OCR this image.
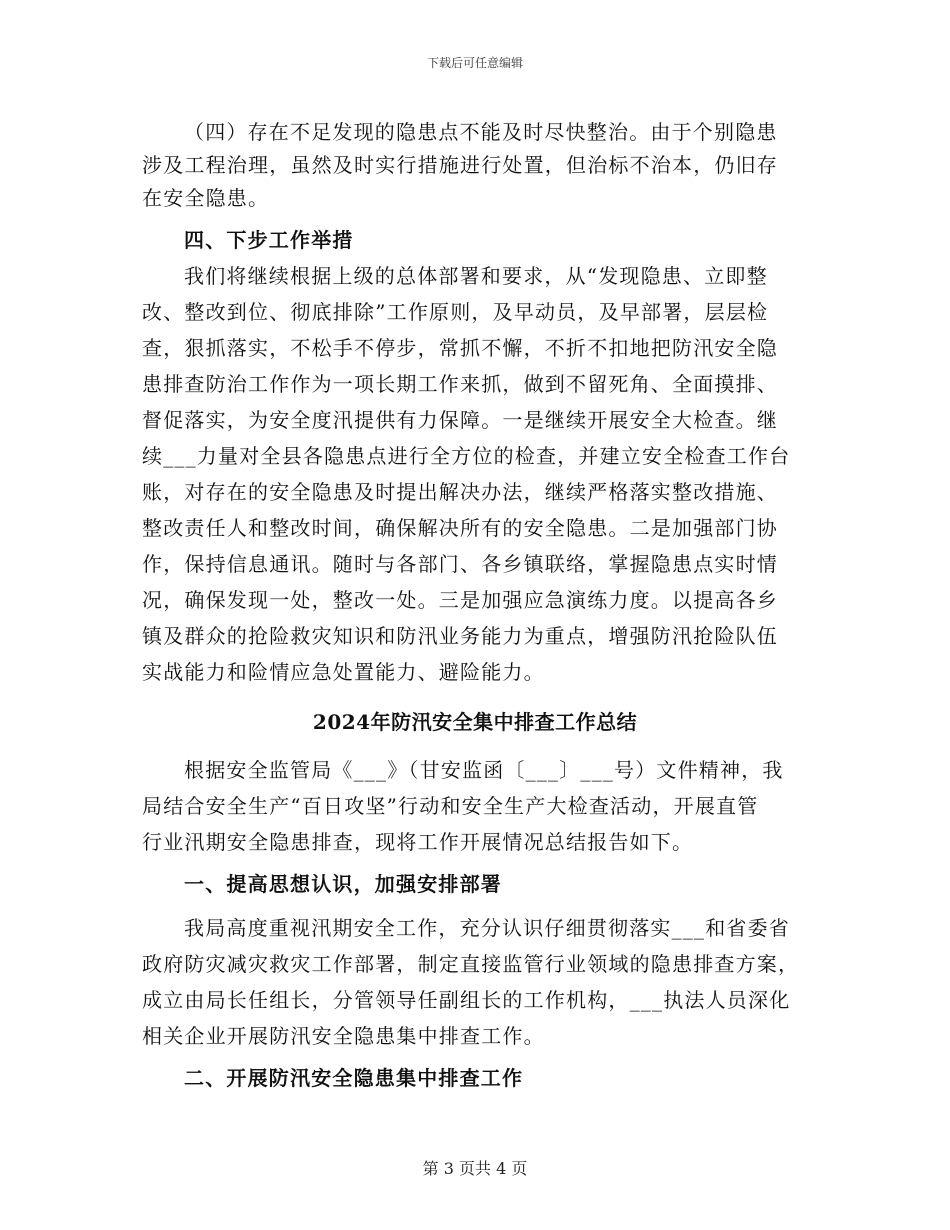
下载后可任意编辑
（四）存在不足发现的隐患点不能及时尽快整治。由于个别隐患
涉及工程治理，虽然及时实行措施进行处置，但治标不治本，仍旧存
在安全隐患。
四、下步工作举措
我们将继续根据上级的总体部署和要求，从“发现隐患、立即整
改、整改到位、彻底排除”工作原则，及早动员，及早部署，层层检
查，狠抓落实，不松手不停步，常抓不懈，不折不扣地把防汛安全隐
患排查防治工作作为一项长期工作来抓，做到不留死角、全面摸排、
督促落实，为安全度汛提供有力保障。一是继续开展安全大检查。继
续___力量对全县各隐患点进行全方位的检查，并建立安全检查工作台
账，对存在的安全隐患及时提出解决办法，继续严格落实整改措施、
整改责任人和整改时间，确保解决所有的安全隐患。二是加强部门协
作，保持信息通讯。随时与各部门、各乡镇联络，掌握隐患点实时情
况，确保发现一处，整改一处。三是加强应急演练力度。以提高各乡
镇及群众的抢险救灾知识和防汛业务能力为重点，增强防汛抢险队伍
实战能力和险情应急处置能力、避险能力。
2024年防汛安全集中排查工作总结
根据安全监管局《___》（甘安监函〔___〕___号）文件精神，我
局结合安全生产“百日攻坚”行动和安全生产大检查活动，开展直管
行业汛期安全隐患排查，现将工作开展情况总结报告如下。
一、提高思想认识，加强安排部署
我局高度重视汛期安全工作，充分认识仔细贯彻落实___和省委省
政府防灾减灾救灾工作部署，制定直接监管行业领域的隐患排查方案，
成立由局长任组长，分管领导任副组长的工作机构，___执法人员深化
相关企业开展防汛安全隐患集中排查工作。
二、开展防汛安全隐患集中排查工作
第 3 页共 4 页
